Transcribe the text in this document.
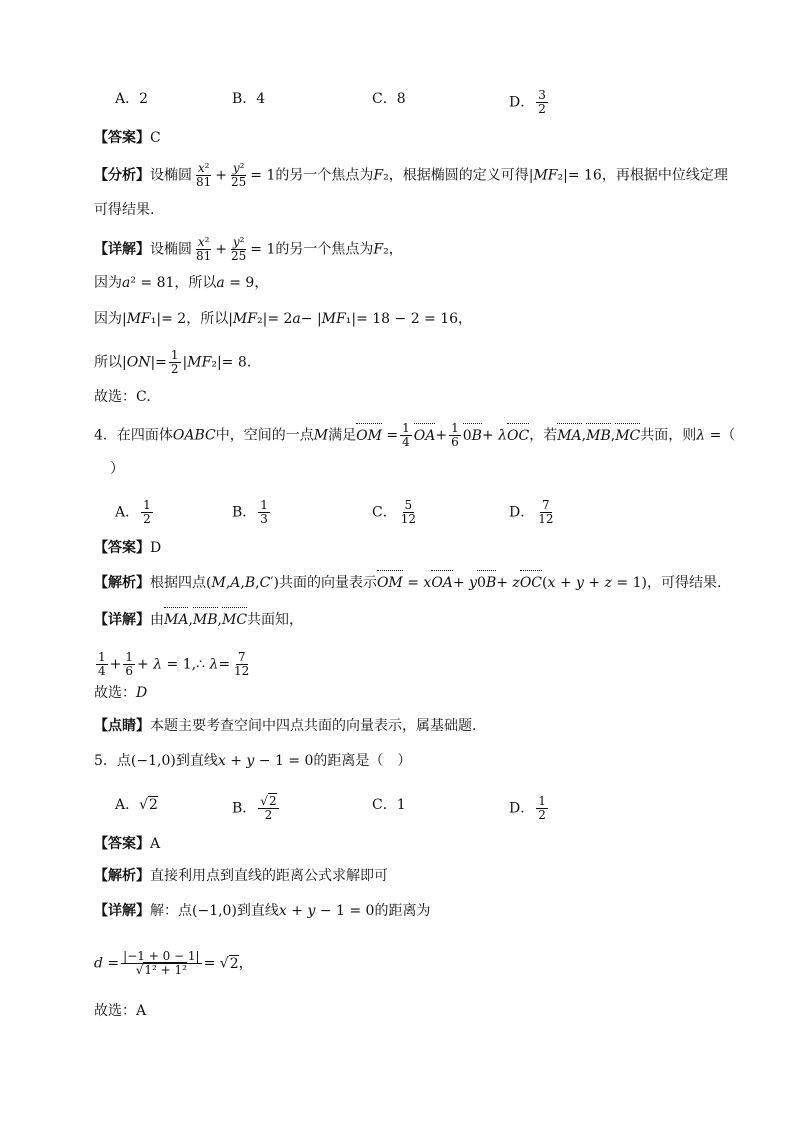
A．2	B．4	C．8	D． $\frac{3}{2}$
【答案】C
【分析】设椭圆 $\frac{\text{x²}}{81} + \frac{\text{y²}}{25} = 1$的另一个焦点为F₂，根据椭圆的定义可得|MF₂|= 16，再根据中位线定理
可得结果.
【详解】设椭圆 $\frac{\text{x²}}{81} + \frac{\text{y²}}{25} = 1$的另一个焦点为F₂，
因为a² = 81，所以a = 9，
因为|MF₁|= 2，所以|MF₂|= 2a− |MF₁|= 18 − 2 = 16，
所以$|ON|= \frac{1}{2} |MF_2|= 8$.
故选：C.
4．在四面体OABC中，空间的一点M满足OM = $\frac{1}{4} OA+ \frac{1}{6} 0B+ \lambda OC$，若MA,MB,MC共面，则λ =（
）
A． $\frac{1}{2}$	B． $\frac{1}{3}$	C． $\frac{5}{12}$	D． $\frac{7}{12}$
【答案】D
【解析】根据四点(M,A,B,C′)共面的向量表示OM = xOA+ y0B+ zOC(x + y + z = 1)，可得结果.
【详解】由MA,MB,MC共面知，
$\frac{1}{4} + \frac{1}{6} + \lambda$ = 1,∴ $\lambda= \frac{7}{12}$
故选：D
【点睛】本题主要考查空间中四点共面的向量表示，属基础题.
5．点(−1,0)到直线x + y − 1 = 0的距离是（　）
A．√2	B． $\frac{√2}{2}$	C．1	D． $\frac{1}{2}$
【答案】A
【解析】直接利用点到直线的距离公式求解即可
【详解】解：点(−1,0)到直线x + y − 1 = 0的距离为
$d = \frac{|-1 + 0 - 1|}{\text{√1² + 1²}} = √2$，
故选：A
